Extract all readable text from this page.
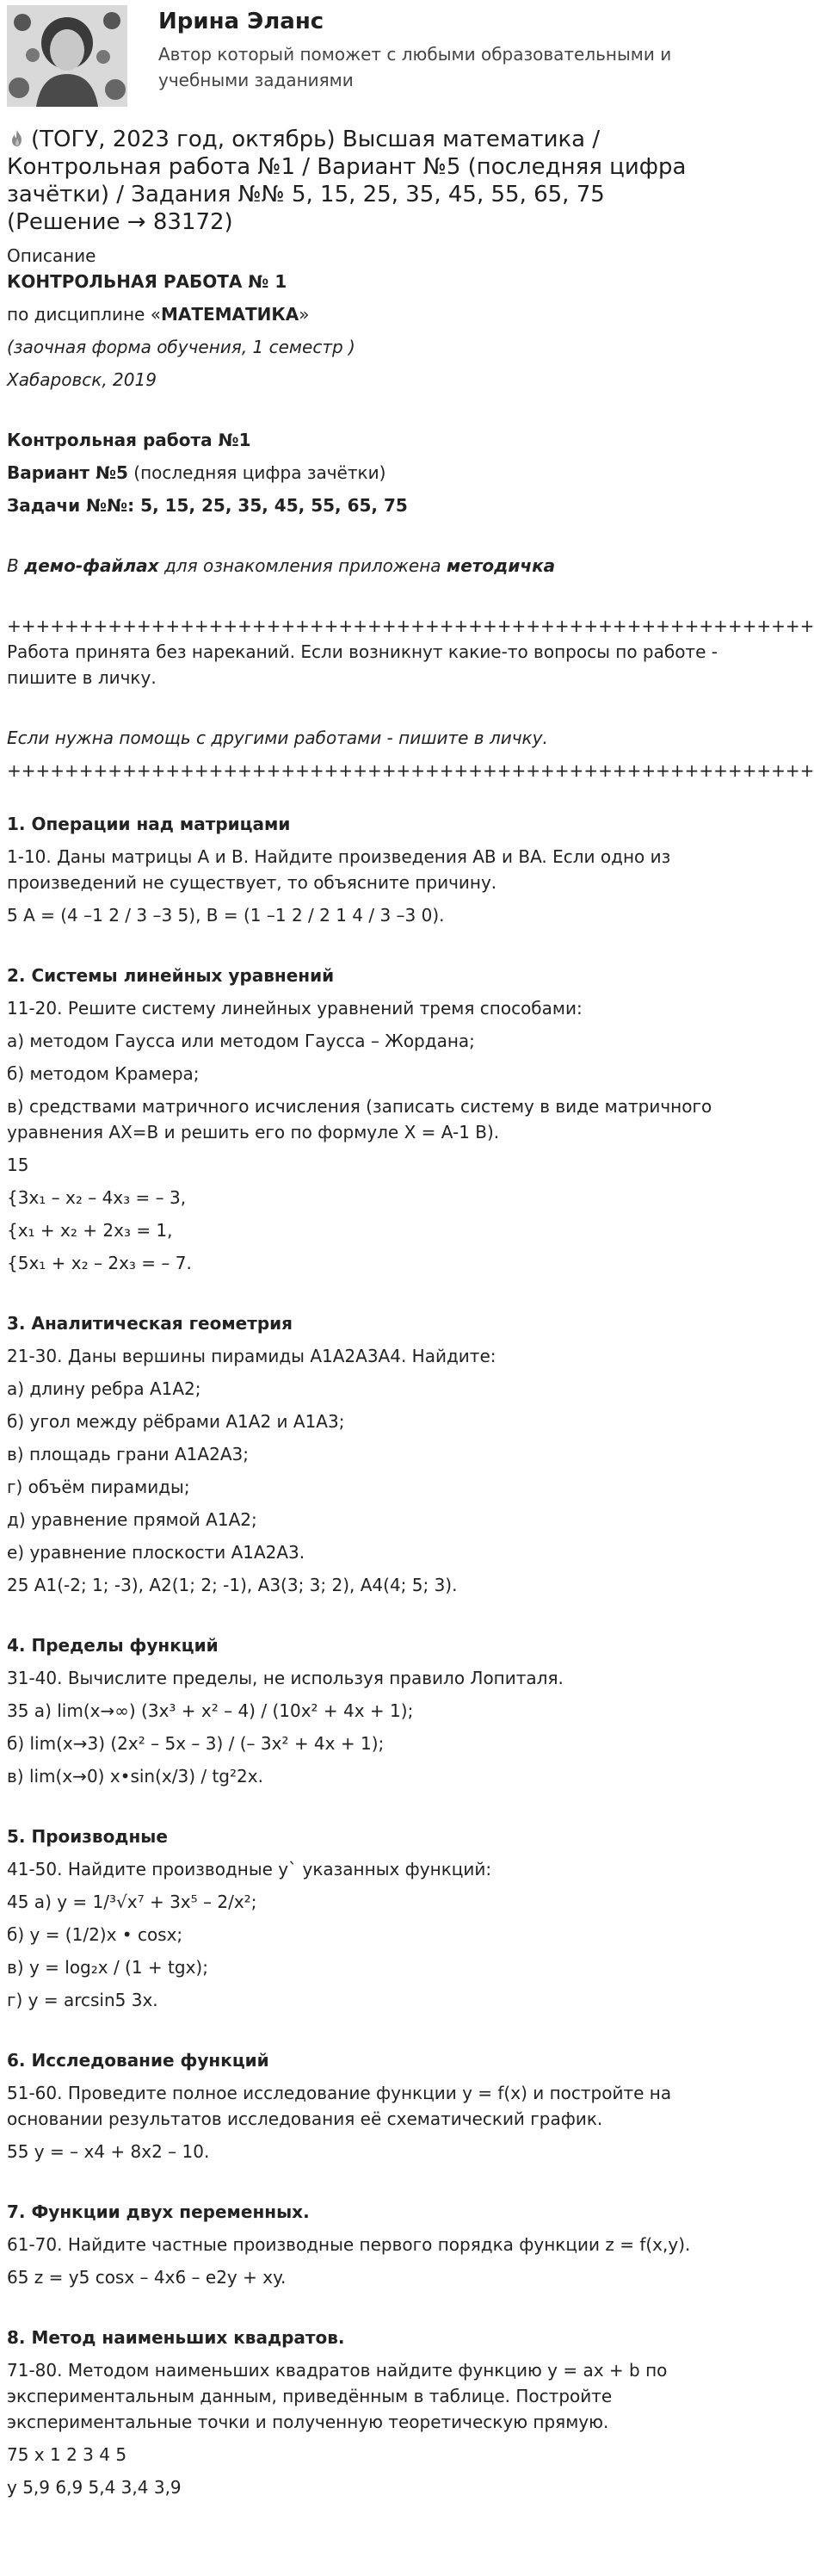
Ирина Эланс
Автор который поможет с любыми образовательными и учебными заданиями
(ТОГУ, 2023 год, октябрь) Высшая математика / Контрольная работа №1 / Вариант №5 (последняя цифра зачётки) / Задания №№ 5, 15, 25, 35, 45, 55, 65, 75 (Решение → 83172)
Описание
КОНТРОЛЬНАЯ РАБОТА № 1
по дисциплине «МАТЕМАТИКА»
(заочная форма обучения, 1 семестр )
Хабаровск, 2019
Контрольная работа №1
Вариант №5 (последняя цифра зачётки)
Задачи №№: 5, 15, 25, 35, 45, 55, 65, 75
В демо-файлах для ознакомления приложена методичка
++++++++++++++++++++++++++++++++++++++++++++++++++++++++
Работа принята без нареканий. Если возникнут какие-то вопросы по работе - пишите в личку.
Если нужна помощь с другими работами - пишите в личку.
++++++++++++++++++++++++++++++++++++++++++++++++++++++++
1. Операции над матрицами
1-10. Даны матрицы A и B. Найдите произведения AB и BA. Если одно из произведений не существует, то объясните причину.
5 A = (4 –1 2 / 3 –3 5), B = (1 –1 2 / 2 1 4 / 3 –3 0).
2. Системы линейных уравнений
11-20. Решите систему линейных уравнений тремя способами:
а) методом Гаусса или методом Гаусса – Жордана;
б) методом Крамера;
в) средствами матричного исчисления (записать систему в виде матричного уравнения AX=B и решить его по формуле X = A-1 B).
15
{3x₁ – x₂ – 4x₃ = – 3,
{x₁ + x₂ + 2x₃ = 1,
{5x₁ + x₂ – 2x₃ = – 7.
3. Аналитическая геометрия
21-30. Даны вершины пирамиды A1A2A3A4. Найдите:
а) длину ребра A1A2;
б) угол между рёбрами A1A2 и A1A3;
в) площадь грани A1A2A3;
г) объём пирамиды;
д) уравнение прямой A1A2;
е) уравнение плоскости A1A2A3.
25 A1(-2; 1; -3), A2(1; 2; -1), A3(3; 3; 2), A4(4; 5; 3).
4. Пределы функций
31-40. Вычислите пределы, не используя правило Лопиталя.
35 а) lim(x→∞) (3x³ + x² – 4) / (10x² + 4x + 1);
б) lim(x→3) (2x² – 5x – 3) / (– 3x² + 4x + 1);
в) lim(x→0) x•sin(x/3) / tg²2x.
5. Производные
41-50. Найдите производные y` указанных функций:
45 а) y = 1/³√x⁷ + 3x⁵ – 2/x²;
б) y = (1/2)x • cosx;
в) y = log₂x / (1 + tgx);
г) y = arcsin5 3x.
6. Исследование функций
51-60. Проведите полное исследование функции y = f(x) и постройте на основании результатов исследования её схематический график.
55 y = – x4 + 8x2 – 10.
7. Функции двух переменных.
61-70. Найдите частные производные первого порядка функции z = f(x,y).
65 z = y5 cosx – 4x6 – e2y + xy.
8. Метод наименьших квадратов.
71-80. Методом наименьших квадратов найдите функцию y = ax + b по экспериментальным данным, приведённым в таблице. Постройте экспериментальные точки и полученную теоретическую прямую.
75 x 1 2 3 4 5
y 5,9 6,9 5,4 3,4 3,9
